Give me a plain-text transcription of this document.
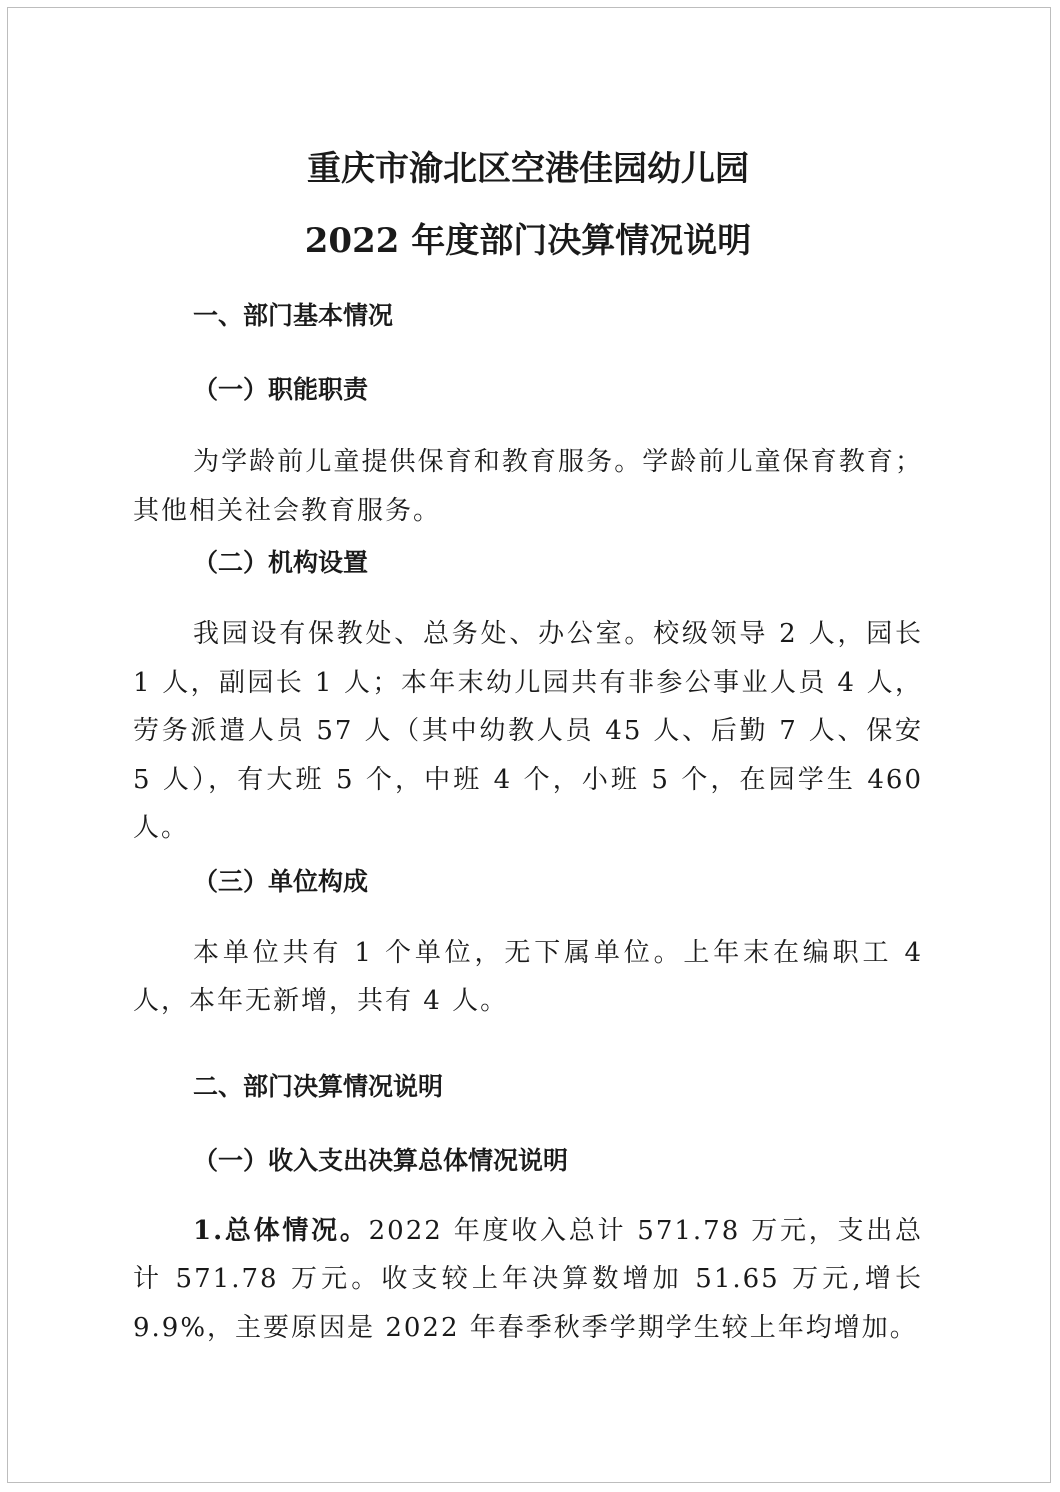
重庆市渝北区空港佳园幼儿园
2022 年度部门决算情况说明
一、部门基本情况
（一）职能职责

为学龄前儿童提供保育和教育服务。学龄前儿童保育教育；其他相关社会教育服务。

（二）机构设置

我园设有保教处、总务处、办公室。校级领导 2 人，园长 1 人，副园长 1 人；本年末幼儿园共有非参公事业人员 4 人，劳务派遣人员 57 人（其中幼教人员 45 人、后勤 7 人、保安 5 人），有大班 5 个，中班 4 个，小班 5 个，在园学生 460 人。

（三）单位构成

本单位共有 1 个单位，无下属单位。上年末在编职工 4 人，本年无新增，共有 4 人。

二、部门决算情况说明
（一）收入支出决算总体情况说明

1.总体情况。2022 年度收入总计 571.78 万元，支出总计 571.78 万元。收支较上年决算数增加 51.65 万元,增长 9.9%，主要原因是 2022 年春季秋季学期学生较上年均增加。
